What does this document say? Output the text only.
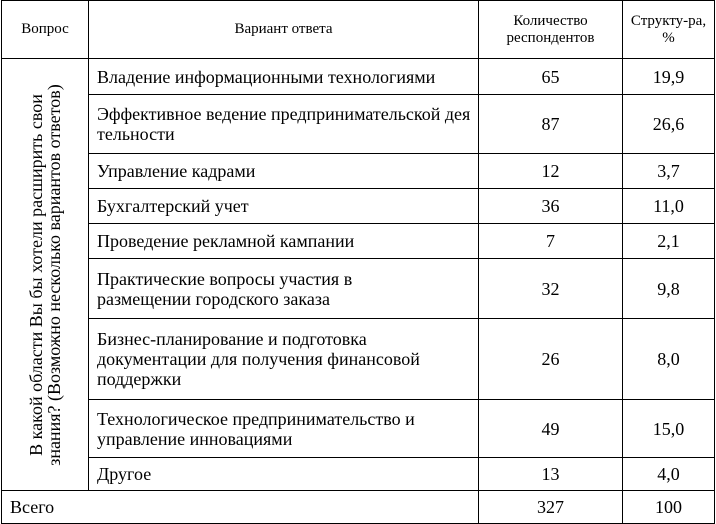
Вопрос	Вариант ответа	Количество респондентов	Структу-ра, %

В какой области Вы бы хотели расширить свои знания? (Возможно несколько вариантов ответов)	Владение информационными технологиями	65	19,9
	Эффективное ведение предпринимательской деятельности	87	26,6
	Управление кадрами	12	3,7
	Бухгалтерский учет	36	11,0
	Проведение рекламной кампании	7	2,1
	Практические вопросы участия в размещении городского заказа	32	9,8
	Бизнес-планирование и подготовка документации для получения финансовой поддержки	26	8,0
	Технологическое предпринимательство и управление инновациями	49	15,0
	Другое	13	4,0
Всего		327	100
